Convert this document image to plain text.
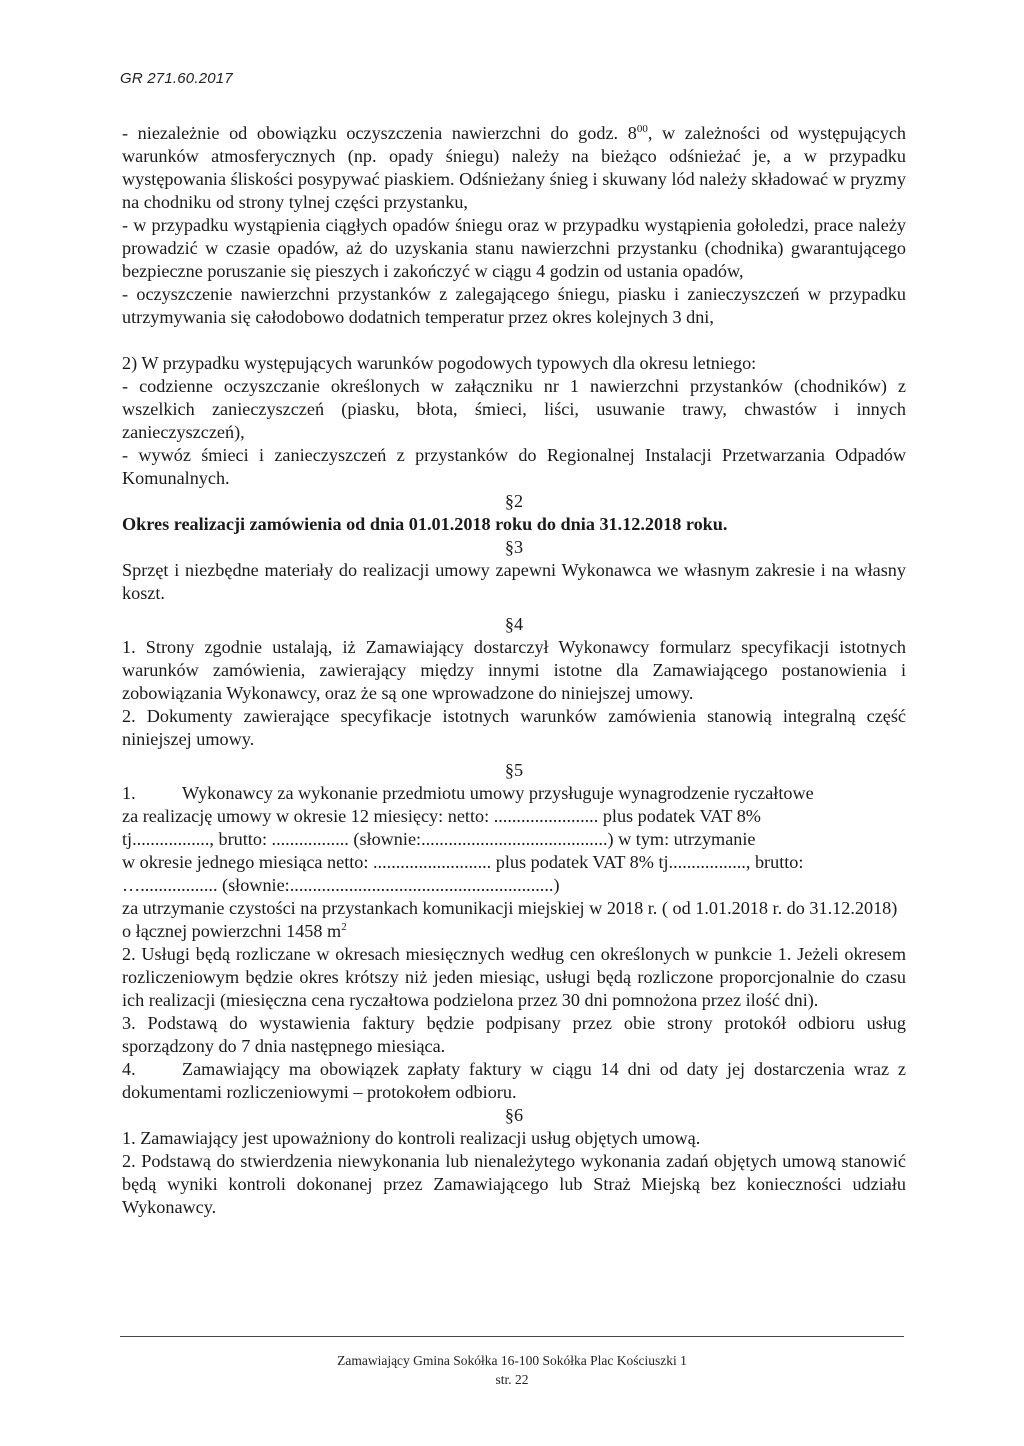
GR 271.60.2017

- niezależnie od obowiązku oczyszczenia nawierzchni do godz. $8^{00}$, w zależności od występujących warunków atmosferycznych (np. opady śniegu) należy na bieżąco odśnieżać je, a w przypadku występowania śliskości posypywać piaskiem. Odśnieżany śnieg i skuwany lód należy składować w pryzmy na chodniku od strony tylnej części przystanku,

- w przypadku wystąpienia ciągłych opadów śniegu oraz w przypadku wystąpienia gołoledzi, prace należy prowadzić w czasie opadów, aż do uzyskania stanu nawierzchni przystanku (chodnika) gwarantującego bezpieczne poruszanie się pieszych i zakończyć w ciągu 4 godzin od ustania opadów,

- oczyszczenie nawierzchni przystanków z zalegającego śniegu, piasku i zanieczyszczeń w przypadku utrzymywania się całodobowo dodatnich temperatur przez okres kolejnych 3 dni,

2) W przypadku występujących warunków pogodowych typowych dla okresu letniego:

- codzienne oczyszczanie określonych w załączniku nr 1 nawierzchni przystanków (chodników) z wszelkich zanieczyszczeń (piasku, błota, śmieci, liści, usuwanie trawy, chwastów i innych zanieczyszczeń),

- wywóz śmieci i zanieczyszczeń z przystanków do Regionalnej Instalacji Przetwarzania Odpadów Komunalnych.

§2

Okres realizacji zamówienia od dnia 01.01.2018 roku do dnia 31.12.2018 roku.

§3

Sprzęt i niezbędne materiały do realizacji umowy zapewni Wykonawca we własnym zakresie i na własny koszt.

§4

1. Strony zgodnie ustalają, iż Zamawiający dostarczył Wykonawcy formularz specyfikacji istotnych warunków zamówienia, zawierający między innymi istotne dla Zamawiającego postanowienia i zobowiązania Wykonawcy, oraz że są one wprowadzone do niniejszej umowy.

2. Dokumenty zawierające specyfikacje istotnych warunków zamówienia stanowią integralną część niniejszej umowy.

§5

1.	Wykonawcy za wykonanie przedmiotu umowy przysługuje wynagrodzenie ryczałtowe

za realizację umowy w okresie 12 miesięcy: netto: ....................... plus podatek VAT 8%

tj................., brutto: ................. (słownie:.........................................) w tym: utrzymanie

w okresie jednego miesiąca netto: .......................... plus podatek VAT 8% tj................., brutto:

…................. (słownie:..........................................................)

za utrzymanie czystości na przystankach komunikacji miejskiej w 2018 r. ( od 1.01.2018 r. do 31.12.2018) o łącznej powierzchni 1458 $m^2$

2. Usługi będą rozliczane w okresach miesięcznych według cen określonych w punkcie 1. Jeżeli okresem rozliczeniowym będzie okres krótszy niż jeden miesiąc, usługi będą rozliczone proporcjonalnie do czasu ich realizacji (miesięczna cena ryczałtowa podzielona przez 30 dni pomnożona przez ilość dni).

3. Podstawą do wystawienia faktury będzie podpisany przez obie strony protokół odbioru usług sporządzony do 7 dnia następnego miesiąca.

4.	Zamawiający ma obowiązek zapłaty faktury w ciągu 14 dni od daty jej dostarczenia wraz z dokumentami rozliczeniowymi – protokołem odbioru.

§6

1. Zamawiający jest upoważniony do kontroli realizacji usług objętych umową.

2. Podstawą do stwierdzenia niewykonania lub nienależytego wykonania zadań objętych umową stanowić będą wyniki kontroli dokonanej przez Zamawiającego lub Straż Miejską bez konieczności udziału Wykonawcy.

Zamawiający Gmina Sokółka 16-100 Sokółka Plac Kościuszki 1
str. 22
